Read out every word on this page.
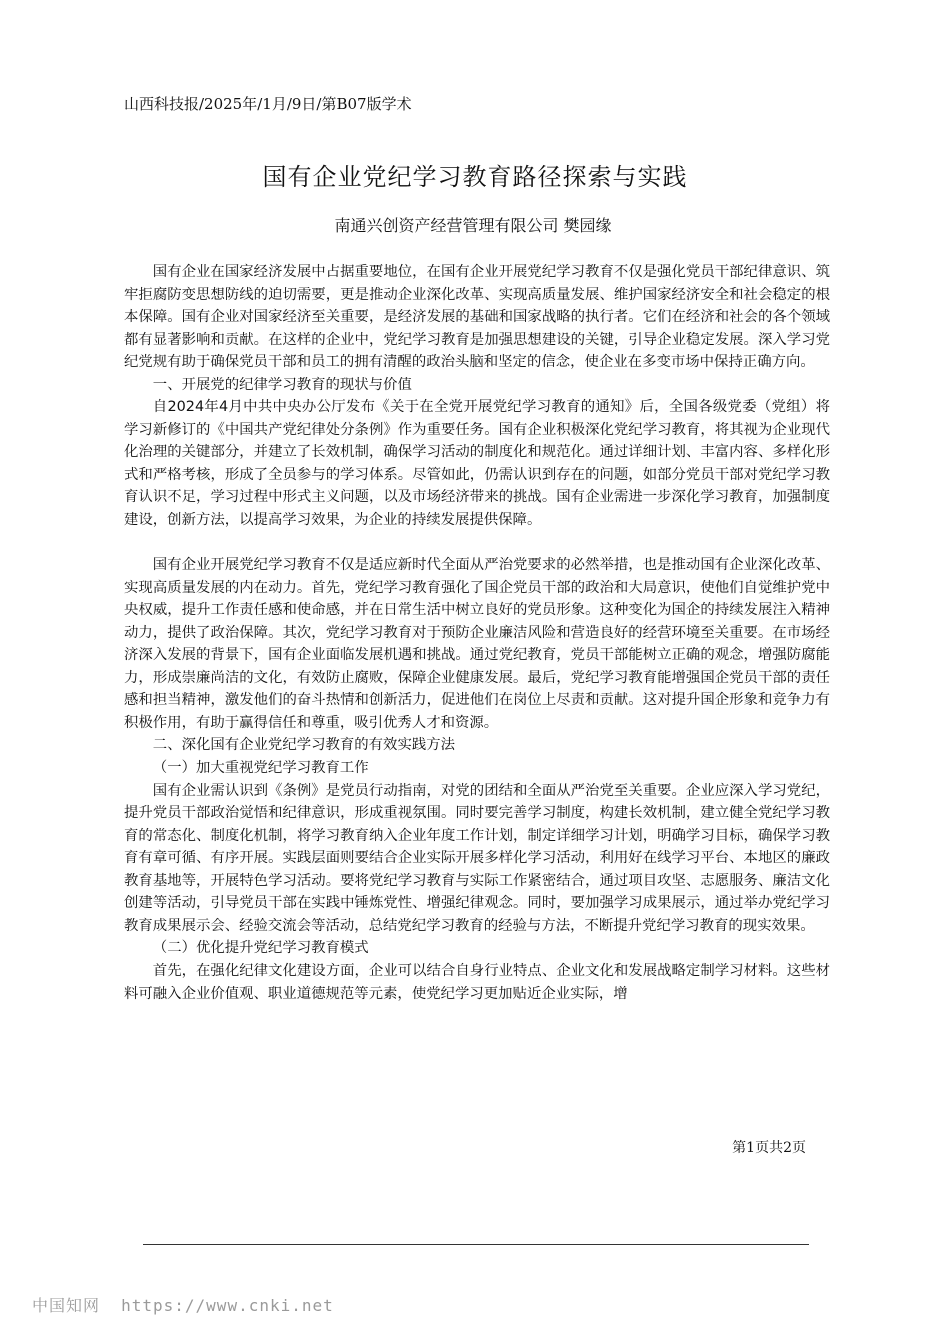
山西科技报/2025年/1月/9日/第B07版学术
国有企业党纪学习教育路径探索与实践
南通兴创资产经营管理有限公司 樊园缘

国有企业在国家经济发展中占据重要地位，在国有企业开展党纪学习教育不仅是强化党员干部纪律意识、筑牢拒腐防变思想防线的迫切需要，更是推动企业深化改革、实现高质量发展、维护国家经济安全和社会稳定的根本保障。国有企业对国家经济至关重要，是经济发展的基础和国家战略的执行者。它们在经济和社会的各个领域都有显著影响和贡献。在这样的企业中，党纪学习教育是加强思想建设的关键，引导企业稳定发展。深入学习党纪党规有助于确保党员干部和员工的拥有清醒的政治头脑和坚定的信念，使企业在多变市场中保持正确方向。

一、开展党的纪律学习教育的现状与价值

自2024年4月中共中央办公厅发布《关于在全党开展党纪学习教育的通知》后，全国各级党委（党组）将学习新修订的《中国共产党纪律处分条例》作为重要任务。国有企业积极深化党纪学习教育，将其视为企业现代化治理的关键部分，并建立了长效机制，确保学习活动的制度化和规范化。通过详细计划、丰富内容、多样化形式和严格考核，形成了全员参与的学习体系。尽管如此，仍需认识到存在的问题，如部分党员干部对党纪学习教育认识不足，学习过程中形式主义问题，以及市场经济带来的挑战。国有企业需进一步深化学习教育，加强制度建设，创新方法，以提高学习效果，为企业的持续发展提供保障。

国有企业开展党纪学习教育不仅是适应新时代全面从严治党要求的必然举措，也是推动国有企业深化改革、实现高质量发展的内在动力。首先，党纪学习教育强化了国企党员干部的政治和大局意识，使他们自觉维护党中央权威，提升工作责任感和使命感，并在日常生活中树立良好的党员形象。这种变化为国企的持续发展注入精神动力，提供了政治保障。其次，党纪学习教育对于预防企业廉洁风险和营造良好的经营环境至关重要。在市场经济深入发展的背景下，国有企业面临发展机遇和挑战。通过党纪教育，党员干部能树立正确的观念，增强防腐能力，形成崇廉尚洁的文化，有效防止腐败，保障企业健康发展。最后，党纪学习教育能增强国企党员干部的责任感和担当精神，激发他们的奋斗热情和创新活力，促进他们在岗位上尽责和贡献。这对提升国企形象和竞争力有积极作用，有助于赢得信任和尊重，吸引优秀人才和资源。

二、深化国有企业党纪学习教育的有效实践方法
（一）加大重视党纪学习教育工作

国有企业需认识到《条例》是党员行动指南，对党的团结和全面从严治党至关重要。企业应深入学习党纪，提升党员干部政治觉悟和纪律意识，形成重视氛围。同时要完善学习制度，构建长效机制，建立健全党纪学习教育的常态化、制度化机制，将学习教育纳入企业年度工作计划，制定详细学习计划，明确学习目标，确保学习教育有章可循、有序开展。实践层面则要结合企业实际开展多样化学习活动，利用好在线学习平台、本地区的廉政教育基地等，开展特色学习活动。要将党纪学习教育与实际工作紧密结合，通过项目攻坚、志愿服务、廉洁文化创建等活动，引导党员干部在实践中锤炼党性、增强纪律观念。同时，要加强学习成果展示，通过举办党纪学习教育成果展示会、经验交流会等活动，总结党纪学习教育的经验与方法，不断提升党纪学习教育的现实效果。

（二）优化提升党纪学习教育模式

首先，在强化纪律文化建设方面，企业可以结合自身行业特点、企业文化和发展战略定制学习材料。这些材料可融入企业价值观、职业道德规范等元素，使党纪学习更加贴近企业实际，增

第1页共2页
中国知网 https://www.cnki.net
